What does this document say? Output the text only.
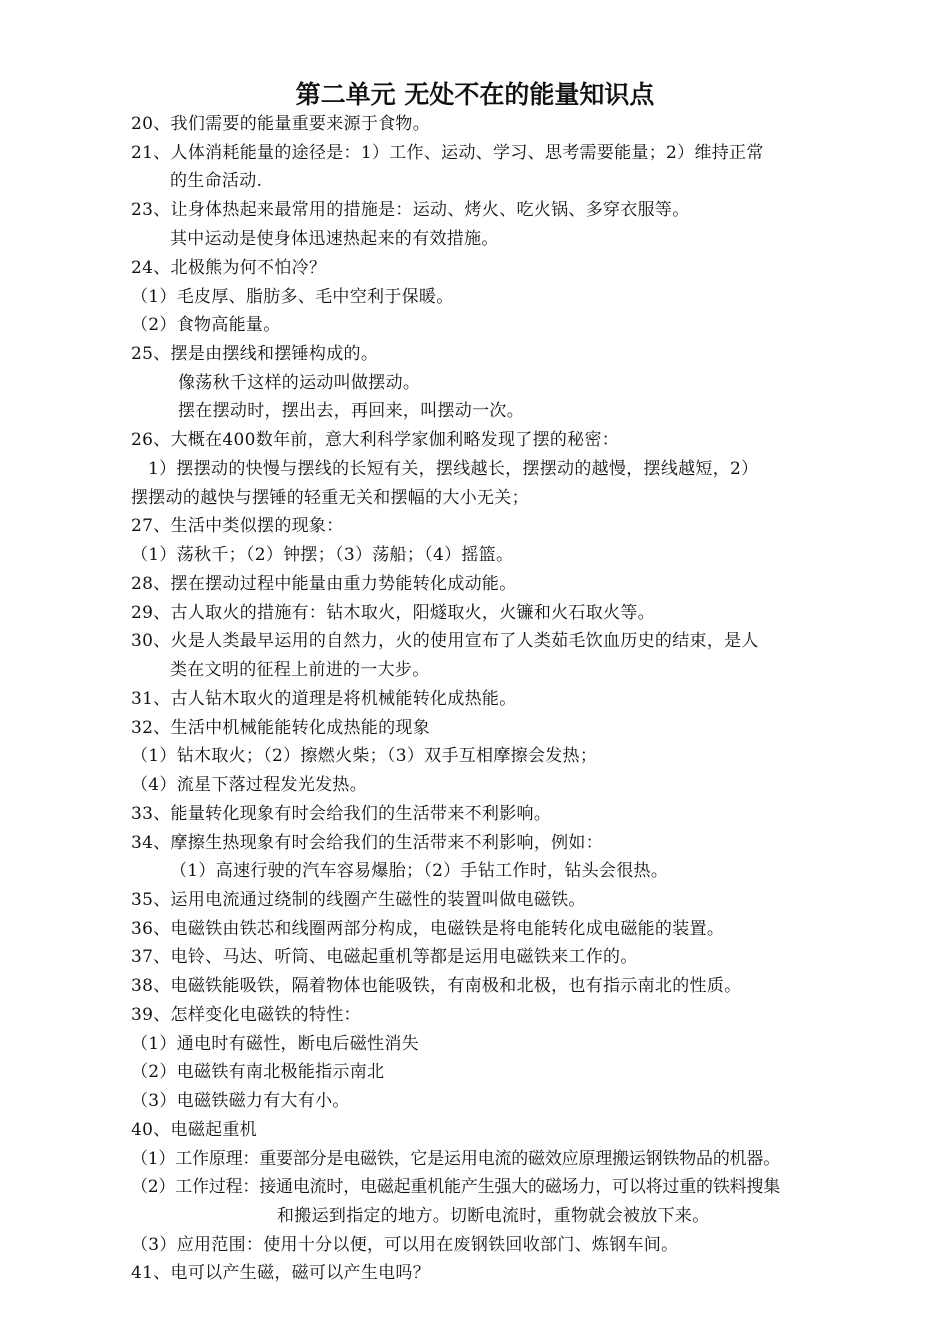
第二单元 无处不在的能量知识点
20、我们需要的能量重要来源于食物。
21、人体消耗能量的途径是：1）工作、运动、学习、思考需要能量；2）维持正常
的生命活动.
23、让身体热起来最常用的措施是：运动、烤火、吃火锅、多穿衣服等。
其中运动是使身体迅速热起来的有效措施。
24、北极熊为何不怕冷？
（1）毛皮厚、脂肪多、毛中空利于保暖。
（2）食物高能量。
25、摆是由摆线和摆锤构成的。
像荡秋千这样的运动叫做摆动。
摆在摆动时，摆出去，再回来，叫摆动一次。
26、大概在400数年前，意大利科学家伽利略发现了摆的秘密：
1）摆摆动的快慢与摆线的长短有关，摆线越长，摆摆动的越慢，摆线越短，2）
摆摆动的越快与摆锤的轻重无关和摆幅的大小无关；
27、生活中类似摆的现象：
（1）荡秋千；（2）钟摆；（3）荡船；（4）摇篮。
28、摆在摆动过程中能量由重力势能转化成动能。
29、古人取火的措施有：钻木取火，阳燧取火，火镰和火石取火等。
30、火是人类最早运用的自然力，火的使用宣布了人类茹毛饮血历史的结束，是人
类在文明的征程上前进的一大步。
31、古人钻木取火的道理是将机械能转化成热能。
32、生活中机械能能转化成热能的现象
（1）钻木取火；（2）擦燃火柴；（3）双手互相摩擦会发热；
（4）流星下落过程发光发热。
33、能量转化现象有时会给我们的生活带来不利影响。
34、摩擦生热现象有时会给我们的生活带来不利影响，例如：
（1）高速行驶的汽车容易爆胎；（2）手钻工作时，钻头会很热。
35、运用电流通过绕制的线圈产生磁性的装置叫做电磁铁。
36、电磁铁由铁芯和线圈两部分构成，电磁铁是将电能转化成电磁能的装置。
37、电铃、马达、听筒、电磁起重机等都是运用电磁铁来工作的。
38、电磁铁能吸铁，隔着物体也能吸铁，有南极和北极，也有指示南北的性质。
39、怎样变化电磁铁的特性：
（1）通电时有磁性，断电后磁性消失
（2）电磁铁有南北极能指示南北
（3）电磁铁磁力有大有小。
40、电磁起重机
（1）工作原理：重要部分是电磁铁，它是运用电流的磁效应原理搬运钢铁物品的机器。
（2）工作过程：接通电流时，电磁起重机能产生强大的磁场力，可以将过重的铁料搜集
和搬运到指定的地方。切断电流时，重物就会被放下来。
（3）应用范围：使用十分以便，可以用在废钢铁回收部门、炼钢车间。
41、电可以产生磁，磁可以产生电吗？
